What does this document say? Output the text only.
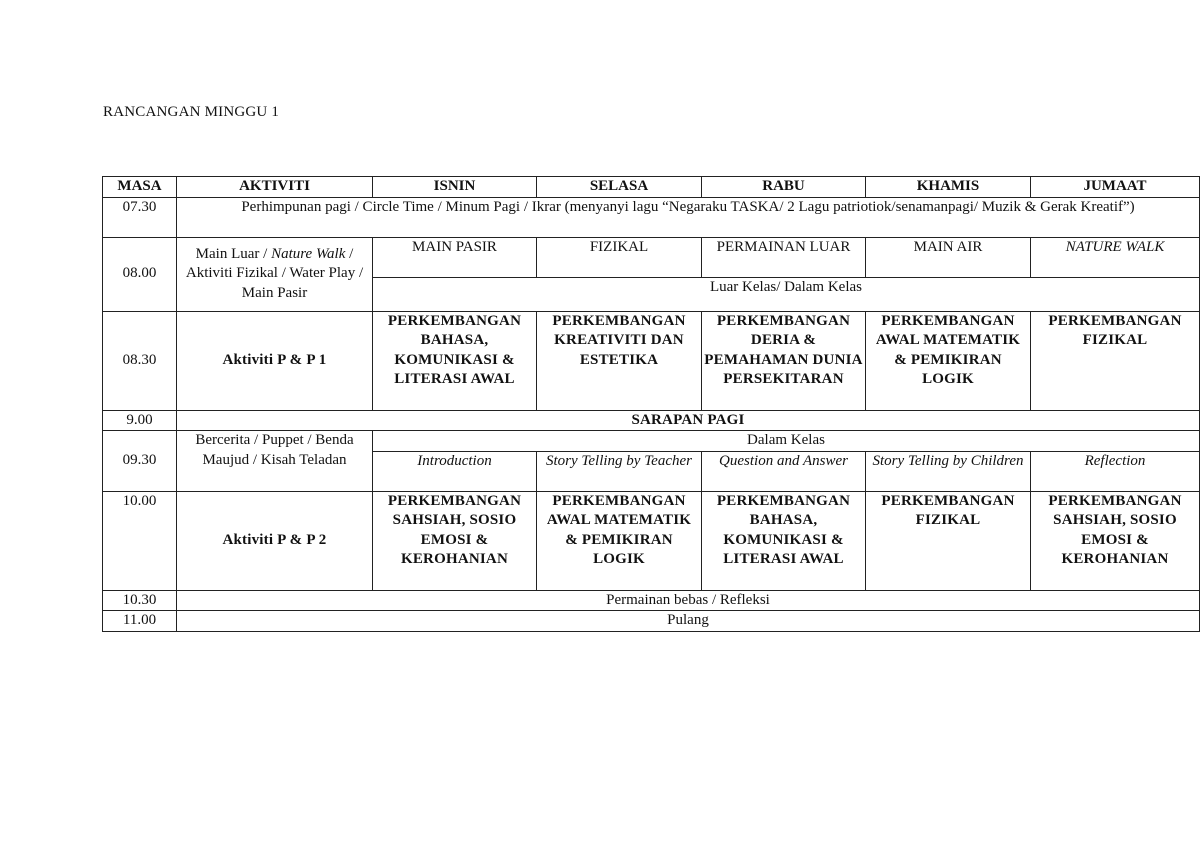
RANCANGAN MINGGU 1
MASA	AKTIVITI	ISNIN	SELASA	RABU	KHAMIS	JUMAAT
07.30	Perhimpunan pagi / Circle Time / Minum Pagi / Ikrar (menyanyi lagu “Negaraku TASKA/ 2 Lagu patriotiok/senamanpagi/ Muzik & Gerak Kreatif”)					
08.00	Main Luar / Nature Walk / Aktiviti Fizikal / Water Play / Main Pasir	MAIN PASIR	FIZIKAL	PERMAINAN LUAR	MAIN AIR	NATURE WALK
		Luar Kelas/ Dalam Kelas				
08.30	Aktiviti P & P 1	PERKEMBANGAN BAHASA, KOMUNIKASI & LITERASI AWAL	PERKEMBANGAN KREATIVITI DAN ESTETIKA	PERKEMBANGAN DERIA & PEMAHAMAN DUNIA PERSEKITARAN	PERKEMBANGAN AWAL MATEMATIK & PEMIKIRAN LOGIK	PERKEMBANGAN FIZIKAL
9.00	SARAPAN PAGI					
09.30	Bercerita / Puppet / Benda Maujud / Kisah Teladan	Dalam Kelas				
		Introduction	Story Telling by Teacher	Question and Answer	Story Telling by Children	Reflection
10.00	Aktiviti P & P 2	PERKEMBANGAN SAHSIAH, SOSIO EMOSI & KEROHANIAN	PERKEMBANGAN AWAL MATEMATIK & PEMIKIRAN LOGIK	PERKEMBANGAN BAHASA, KOMUNIKASI & LITERASI AWAL	PERKEMBANGAN FIZIKAL	PERKEMBANGAN SAHSIAH, SOSIO EMOSI & KEROHANIAN
10.30	Permainan bebas / Refleksi					
11.00	Pulang					
